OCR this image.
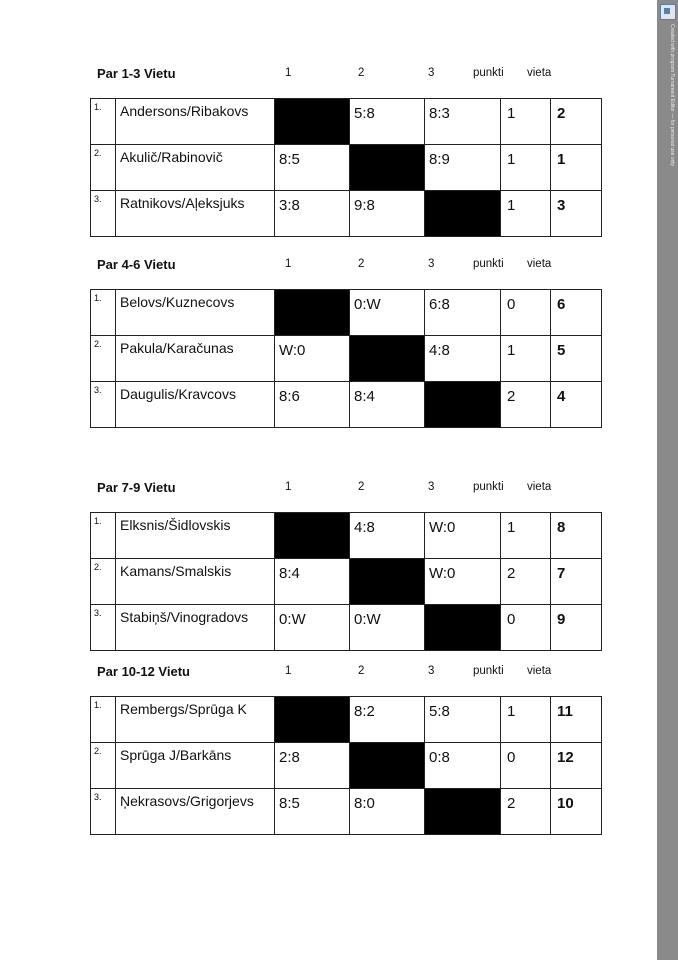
Created with program Turnament Editor — for personal use only
Par 1-3 Vietu	1	2	3	punkti vieta
1.	Andersons/Ribakovs		5:8	8:3	1	2
2.	Akulič/Rabinovič	8:5		8:9	1	1
3.	Ratnikovs/Aļeksjuks	3:8	9:8		1	3
Par 4-6 Vietu	1	2	3	punkti vieta
1.	Belovs/Kuznecovs		0:W	6:8	0	6
2.	Pakula/Karačunas	W:0		4:8	1	5
3.	Daugulis/Kravcovs	8:6	8:4		2	4
Par 7-9 Vietu	1	2	3	punkti vieta
1.	Elksnis/Šidlovskis		4:8	W:0	1	8
2.	Kamans/Smalskis	8:4		W:0	2	7
3.	Stabiņš/Vinogradovs	0:W	0:W		0	9
Par 10-12 Vietu	1	2	3	punkti vieta
1.	Rembergs/Sprūga K		8:2	5:8	1	11
2.	Sprūga J/Barkāns	2:8		0:8	0	12
3.	Ņekrasovs/Grigorjevs	8:5	8:0		2	10
